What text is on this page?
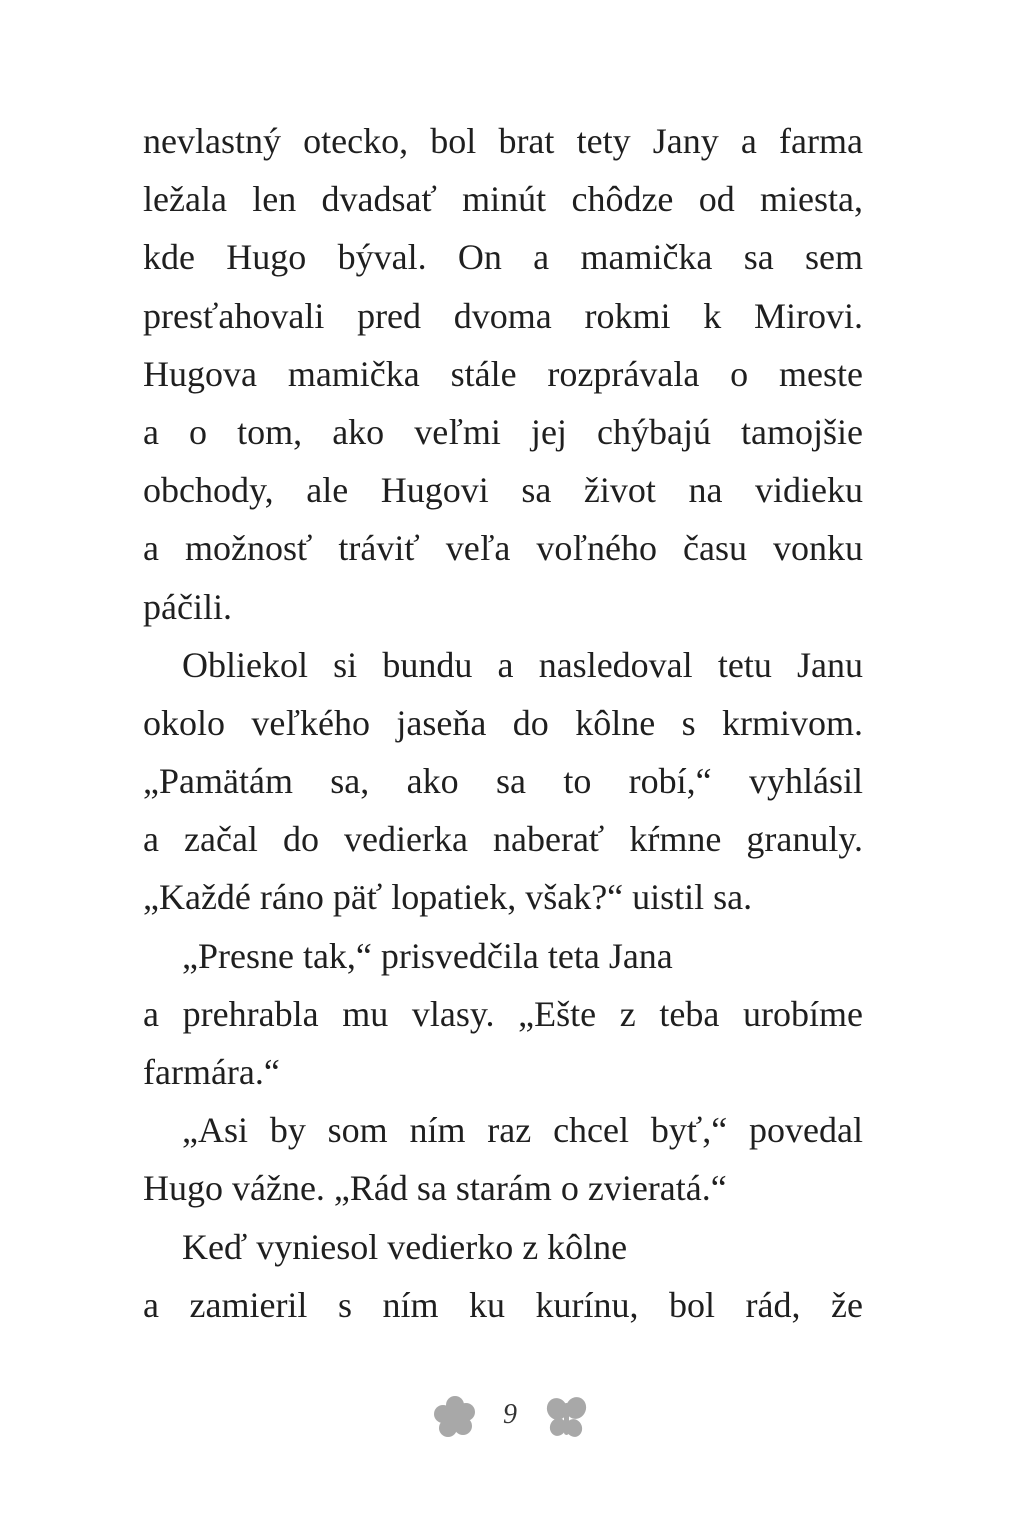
nevlastný otecko, bol brat tety Jany a farma
ležala len dvadsať minút chôdze od miesta,
kde Hugo býval. On a mamička sa sem
presťahovali pred dvoma rokmi k Mirovi.
Hugova mamička stále rozprávala o meste
a o tom, ako veľmi jej chýbajú tamojšie
obchody, ale Hugovi sa život na vidieku
a možnosť tráviť veľa voľného času vonku
páčili.
Obliekol si bundu a nasledoval tetu Janu
okolo veľkého jaseňa do kôlne s krmivom.
„Pamätám sa, ako sa to robí,“ vyhlásil
a začal do vedierka naberať kŕmne granuly.
„Každé ráno päť lopatiek, však?“ uistil sa.
„Presne tak,“ prisvedčila teta Jana
a prehrabla mu vlasy. „Ešte z teba urobíme
farmára.“
„Asi by som ním raz chcel byť,“ povedal
Hugo vážne. „Rád sa starám o zvieratá.“
Keď vyniesol vedierko z kôlne
a zamieril s ním ku kurínu, bol rád, že
9
